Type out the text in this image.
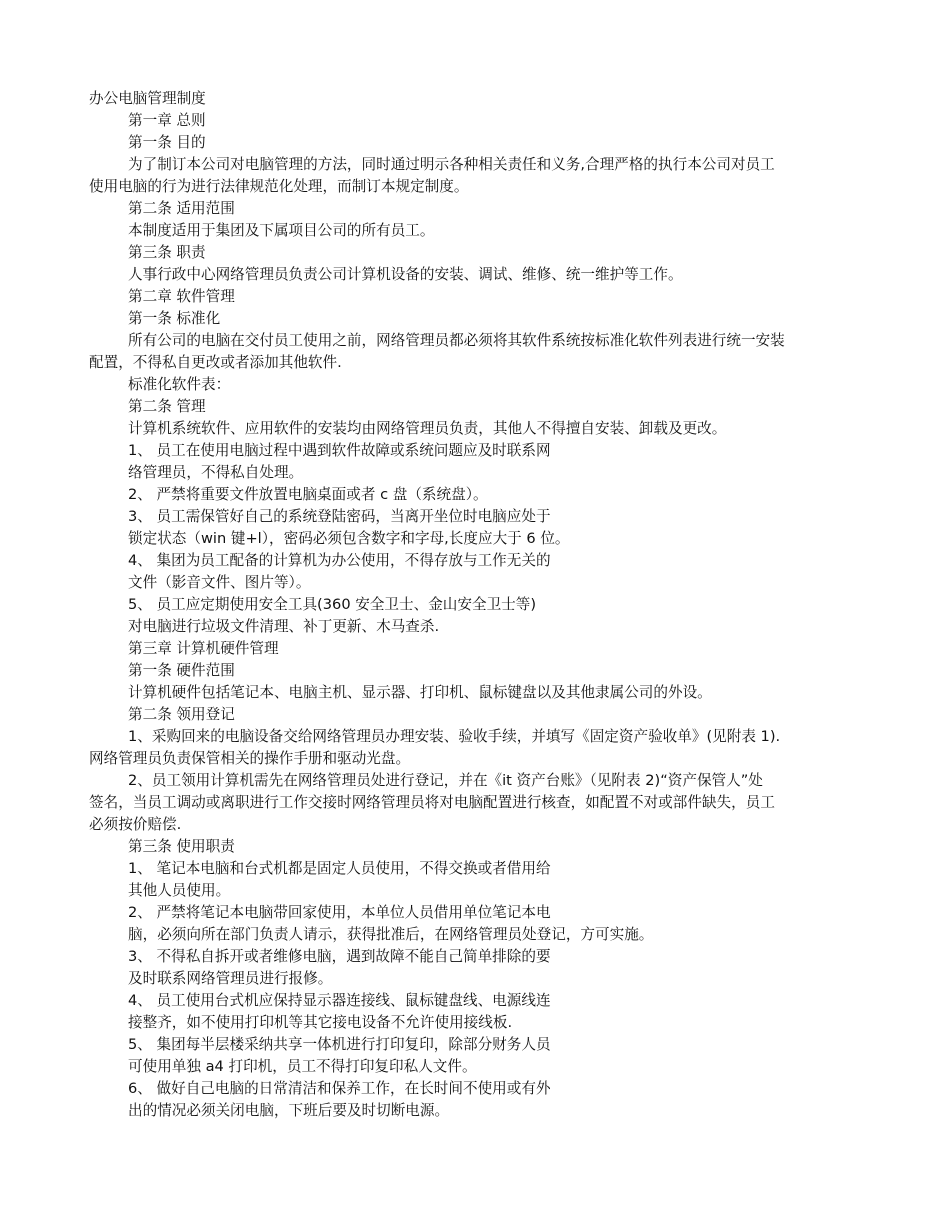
办公电脑管理制度
第一章 总则
第一条 目的
为了制订本公司对电脑管理的方法，同时通过明示各种相关责任和义务,合理严格的执行本公司对员工
使用电脑的行为进行法律规范化处理，而制订本规定制度。
第二条 适用范围
本制度适用于集团及下属项目公司的所有员工。
第三条 职责
人事行政中心网络管理员负责公司计算机设备的安装、调试、维修、统一维护等工作。
第二章 软件管理
第一条 标准化
所有公司的电脑在交付员工使用之前，网络管理员都必须将其软件系统按标准化软件列表进行统一安装
配置，不得私自更改或者添加其他软件.
标准化软件表：
第二条 管理
计算机系统软件、应用软件的安装均由网络管理员负责，其他人不得擅自安装、卸载及更改。
1、 员工在使用电脑过程中遇到软件故障或系统问题应及时联系网
络管理员，不得私自处理。
2、 严禁将重要文件放置电脑桌面或者 c 盘（系统盘）。
3、 员工需保管好自己的系统登陆密码，当离开坐位时电脑应处于
锁定状态（win 键+l），密码必须包含数字和字母,长度应大于 6 位。
4、 集团为员工配备的计算机为办公使用，不得存放与工作无关的
文件（影音文件、图片等）。
5、 员工应定期使用安全工具(360 安全卫士、金山安全卫士等)
对电脑进行垃圾文件清理、补丁更新、木马查杀.
第三章 计算机硬件管理
第一条 硬件范围
计算机硬件包括笔记本、电脑主机、显示器、打印机、鼠标键盘以及其他隶属公司的外设。
第二条 领用登记
1、采购回来的电脑设备交给网络管理员办理安装、验收手续，并填写《固定资产验收单》(见附表 1).
网络管理员负责保管相关的操作手册和驱动光盘。
2、员工领用计算机需先在网络管理员处进行登记，并在《it 资产台账》（见附表 2)“资产保管人”处
签名，当员工调动或离职进行工作交接时网络管理员将对电脑配置进行核查，如配置不对或部件缺失，员工
必须按价赔偿.
第三条 使用职责
1、 笔记本电脑和台式机都是固定人员使用，不得交换或者借用给
其他人员使用。
2、 严禁将笔记本电脑带回家使用，本单位人员借用单位笔记本电
脑，必须向所在部门负责人请示，获得批准后，在网络管理员处登记，方可实施。
3、 不得私自拆开或者维修电脑，遇到故障不能自己简单排除的要
及时联系网络管理员进行报修。
4、 员工使用台式机应保持显示器连接线、鼠标键盘线、电源线连
接整齐，如不使用打印机等其它接电设备不允许使用接线板.
5、 集团每半层楼采纳共享一体机进行打印复印，除部分财务人员
可使用单独 a4 打印机，员工不得打印复印私人文件。
6、 做好自己电脑的日常清洁和保养工作，在长时间不使用或有外
出的情况必须关闭电脑，下班后要及时切断电源。
